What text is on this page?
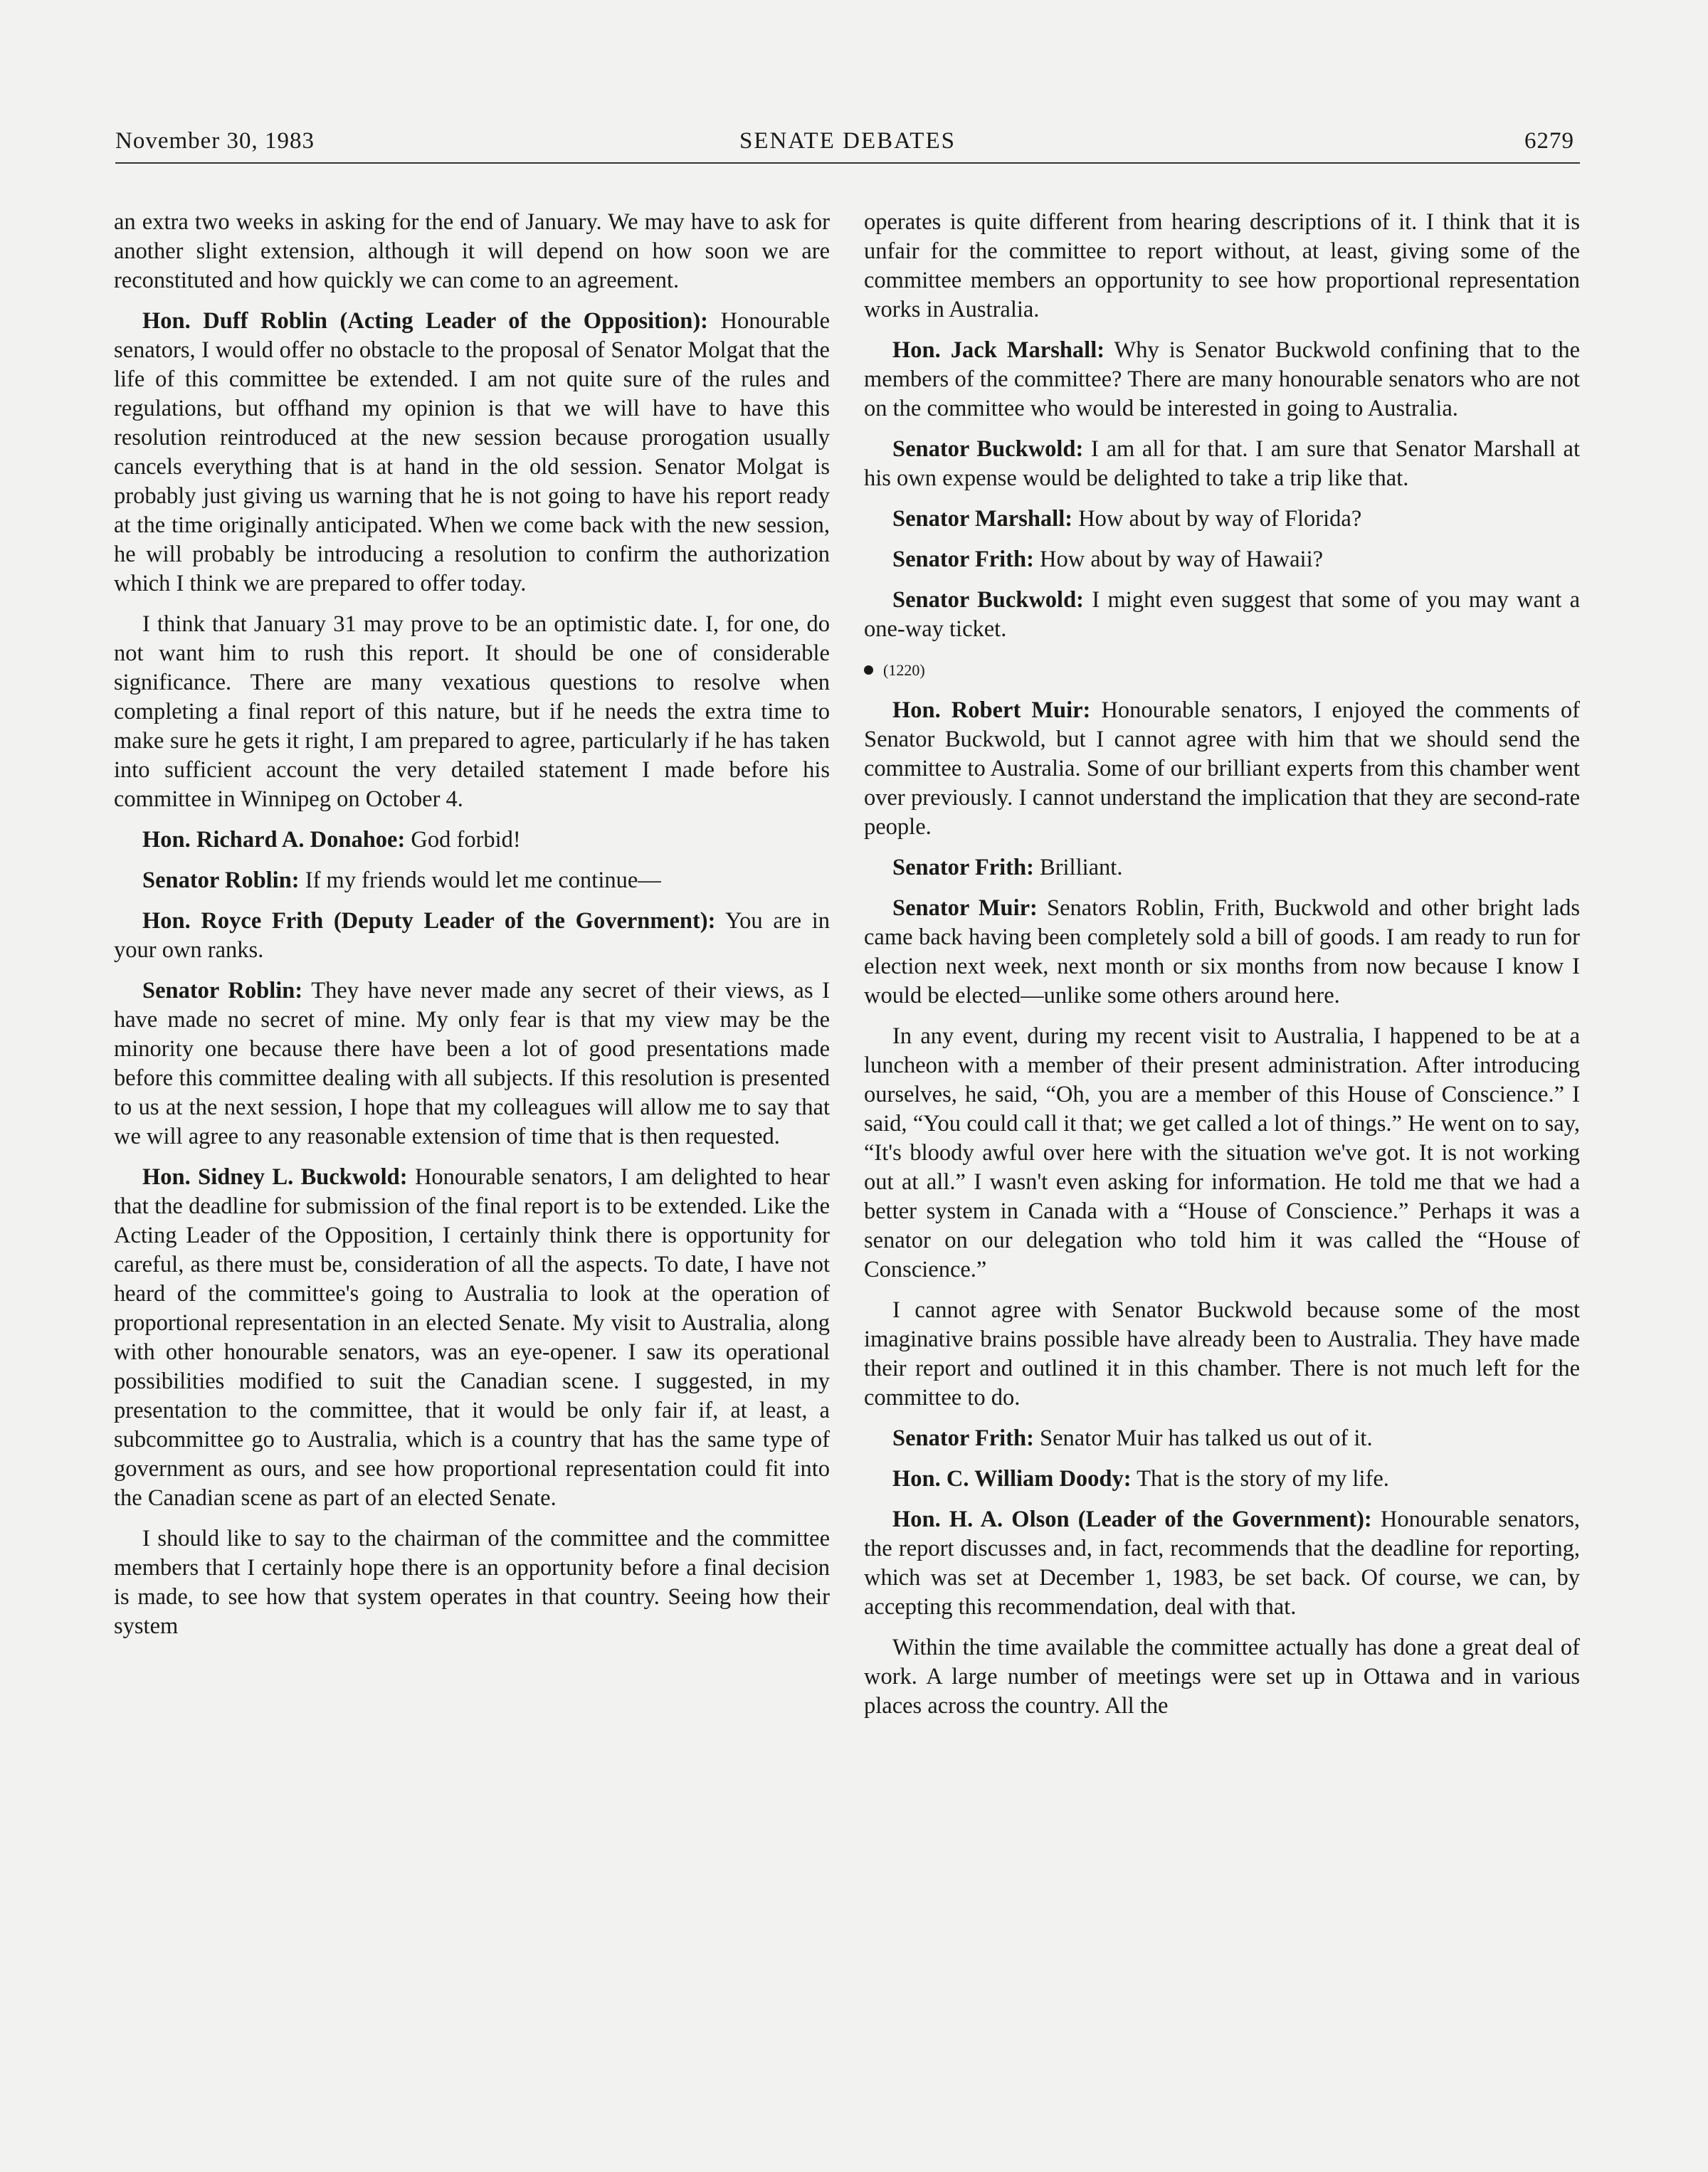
November 30, 1983	SENATE DEBATES	6279

an extra two weeks in asking for the end of January. We may have to ask for another slight extension, although it will depend on how soon we are reconstituted and how quickly we can come to an agreement.

Hon. Duff Roblin (Acting Leader of the Opposition): Honourable senators, I would offer no obstacle to the proposal of Senator Molgat that the life of this committee be extended. I am not quite sure of the rules and regulations, but offhand my opinion is that we will have to have this resolution reintroduced at the new session because prorogation usually cancels everything that is at hand in the old session. Senator Molgat is probably just giving us warning that he is not going to have his report ready at the time originally anticipated. When we come back with the new session, he will probably be introducing a resolution to confirm the authorization which I think we are prepared to offer today.

I think that January 31 may prove to be an optimistic date. I, for one, do not want him to rush this report. It should be one of considerable significance. There are many vexatious questions to resolve when completing a final report of this nature, but if he needs the extra time to make sure he gets it right, I am prepared to agree, particularly if he has taken into sufficient account the very detailed statement I made before his committee in Winnipeg on October 4.

Hon. Richard A. Donahoe: God forbid!

Senator Roblin: If my friends would let me continue—

Hon. Royce Frith (Deputy Leader of the Government): You are in your own ranks.

Senator Roblin: They have never made any secret of their views, as I have made no secret of mine. My only fear is that my view may be the minority one because there have been a lot of good presentations made before this committee dealing with all subjects. If this resolution is presented to us at the next session, I hope that my colleagues will allow me to say that we will agree to any reasonable extension of time that is then requested.

Hon. Sidney L. Buckwold: Honourable senators, I am delighted to hear that the deadline for submission of the final report is to be extended. Like the Acting Leader of the Opposition, I certainly think there is opportunity for careful, as there must be, consideration of all the aspects. To date, I have not heard of the committee's going to Australia to look at the operation of proportional representation in an elected Senate. My visit to Australia, along with other honourable senators, was an eye-opener. I saw its operational possibilities modified to suit the Canadian scene. I suggested, in my presentation to the committee, that it would be only fair if, at least, a subcommittee go to Australia, which is a country that has the same type of government as ours, and see how proportional representation could fit into the Canadian scene as part of an elected Senate.

I should like to say to the chairman of the committee and the committee members that I certainly hope there is an opportunity before a final decision is made, to see how that system operates in that country. Seeing how their system

operates is quite different from hearing descriptions of it. I think that it is unfair for the committee to report without, at least, giving some of the committee members an opportunity to see how proportional representation works in Australia.

Hon. Jack Marshall: Why is Senator Buckwold confining that to the members of the committee? There are many honourable senators who are not on the committee who would be interested in going to Australia.

Senator Buckwold: I am all for that. I am sure that Senator Marshall at his own expense would be delighted to take a trip like that.

Senator Marshall: How about by way of Florida?

Senator Frith: How about by way of Hawaii?

Senator Buckwold: I might even suggest that some of you may want a one-way ticket.

(1220)

Hon. Robert Muir: Honourable senators, I enjoyed the comments of Senator Buckwold, but I cannot agree with him that we should send the committee to Australia. Some of our brilliant experts from this chamber went over previously. I cannot understand the implication that they are second-rate people.

Senator Frith: Brilliant.

Senator Muir: Senators Roblin, Frith, Buckwold and other bright lads came back having been completely sold a bill of goods. I am ready to run for election next week, next month or six months from now because I know I would be elected—unlike some others around here.

In any event, during my recent visit to Australia, I happened to be at a luncheon with a member of their present administration. After introducing ourselves, he said, “Oh, you are a member of this House of Conscience.” I said, “You could call it that; we get called a lot of things.” He went on to say, “It's bloody awful over here with the situation we've got. It is not working out at all.” I wasn't even asking for information. He told me that we had a better system in Canada with a “House of Conscience.” Perhaps it was a senator on our delegation who told him it was called the “House of Conscience.”

I cannot agree with Senator Buckwold because some of the most imaginative brains possible have already been to Australia. They have made their report and outlined it in this chamber. There is not much left for the committee to do.

Senator Frith: Senator Muir has talked us out of it.

Hon. C. William Doody: That is the story of my life.

Hon. H. A. Olson (Leader of the Government): Honourable senators, the report discusses and, in fact, recommends that the deadline for reporting, which was set at December 1, 1983, be set back. Of course, we can, by accepting this recommendation, deal with that.

Within the time available the committee actually has done a great deal of work. A large number of meetings were set up in Ottawa and in various places across the country. All the
